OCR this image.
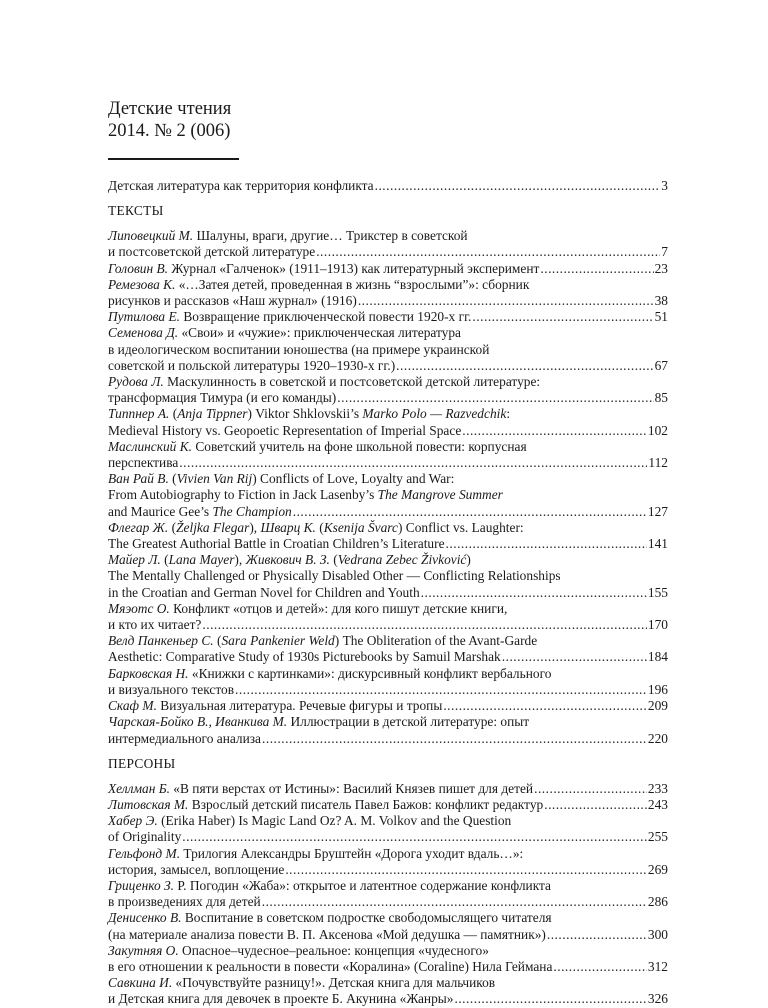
Детские чтения

2014. № 2 (006)

Детская литература как территория конфликта .....	3
ТЕКСТЫ
Липовецкий М. Шалуны, враги, другие… Трикстер в советской
и постсоветской детской литературе .....	7
Головин В. Журнал «Галченок» (1911–1913) как литературный эксперимент .....	23
Ремезова К. «…Затея детей, проведенная в жизнь “взрослыми”»: сборник
рисунков и рассказов «Наш журнал» (1916) .....	38
Путилова Е. Возвращение приключенческой повести 1920-х гг. .....	51
Семенова Д. «Свои» и «чужие»: приключенческая литература
в идеологическом воспитании юношества (на примере украинской
советской и польской литературы 1920–1930-х гг.) .....	67
Рудова Л. Маскулинность в советской и постсоветской детской литературе:
трансформация Тимура (и его команды) .....	85
Типпнер А. (Anja Tippner) Viktor Shklovskii’s Marko Polo — Razvedchik:
Medieval History vs. Geopoetic Representation of Imperial Space .....	102
Маслинский К. Советский учитель на фоне школьной повести: корпусная
перспектива .....	112
Ван Рай В. (Vivien Van Rij) Conflicts of Love, Loyalty and War:
From Autobiography to Fiction in Jack Lasenby’s The Mangrove Summer
and Maurice Gee’s The Champion .....	127
Флегар Ж. (Željka Flegar), Шварц К. (Ksenija Švarc) Conflict vs. Laughter:
The Greatest Authorial Battle in Croatian Children’s Literature .....	141
Майер Л. (Lana Mayer), Живкович В. З. (Vedrana Zebec Živković)
The Mentally Challenged or Physically Disabled Other — Conflicting Relationships
in the Croatian and German Novel for Children and Youth .....	155
Мяэотс О. Конфликт «отцов и детей»: для кого пишут детские книги,
и кто их читает? .....	170
Велд Панкеньер С. (Sara Pankenier Weld) The Obliteration of the Avant-Garde
Aesthetic: Comparative Study of 1930s Picturebooks by Samuil Marshak .....	184
Барковская Н. «Книжки с картинками»: дискурсивный конфликт вербального
и визуального текстов .....	196
Скаф М. Визуальная литература. Речевые фигуры и тропы .....	209
Чарская-Бойко В., Иванкива М. Иллюстрации в детской литературе: опыт
интермедиального анализа .....	220
ПЕРСОНЫ
Хеллман Б. «В пяти верстах от Истины»: Василий Князев пишет для детей .....	233
Литовская М. Взрослый детский писатель Павел Бажов: конфликт редактур .....	243
Хабер Э. (Erika Haber) Is Magic Land Oz? A. M. Volkov and the Question
of Originality .....	255
Гельфонд М. Трилогия Александры Бруштейн «Дорога уходит вдаль…»:
история, замысел, воплощение .....	269
Гриценко З. Р. Погодин «Жаба»: открытое и латентное содержание конфликта
в произведениях для детей .....	286
Денисенко В. Воспитание в советском подростке свободомыслящего читателя
(на материале анализа повести В. П. Аксенова «Мой дедушка — памятник») .....	300
Закутняя О. Опасное–чудесное–реальное: концепция «чудесного»
в его отношении к реальности в повести «Коралина» (Coraline) Нила Геймана .....	312
Савкина И. «Почувствуйте разницу!». Детская книга для мальчиков
и Детская книга для девочек в проекте Б. Акунина «Жанры» .....	326
